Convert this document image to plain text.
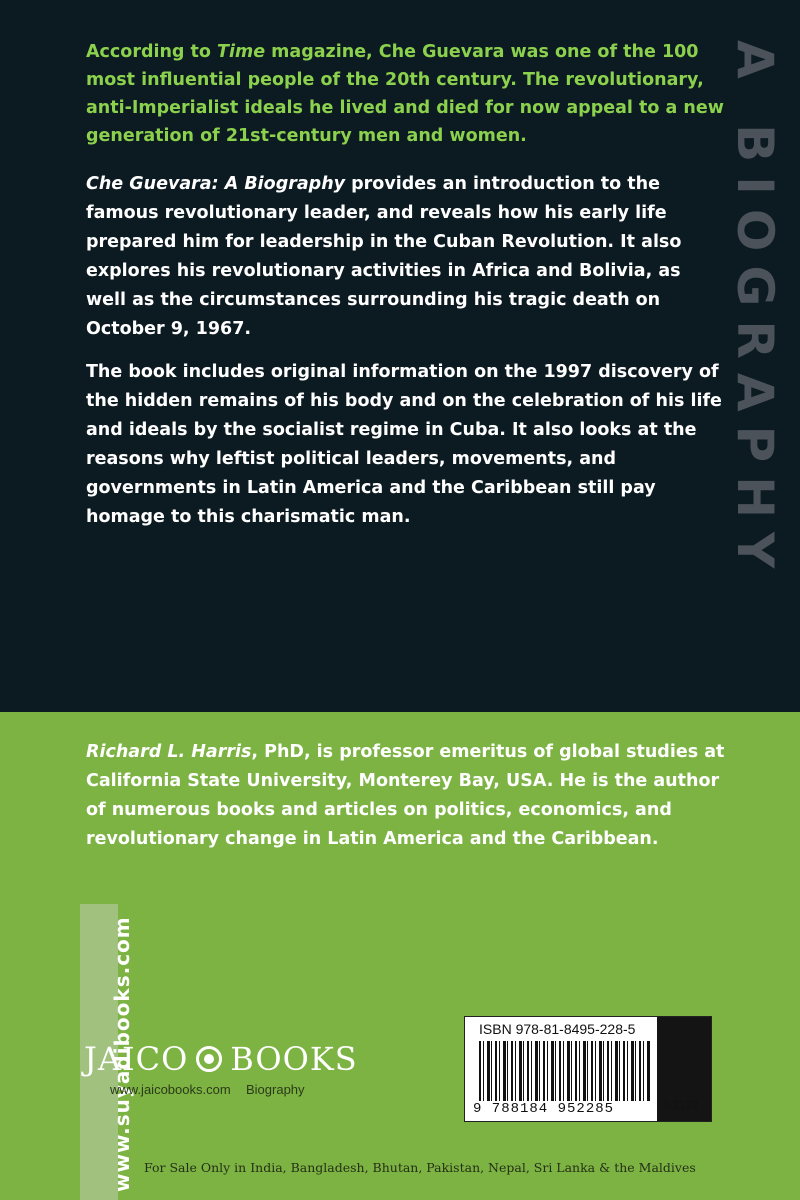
A BIOGRAPHY

According to Time magazine, Che Guevara was one of the 100 most influential people of the 20th century. The revolutionary, anti-Imperialist ideals he lived and died for now appeal to a new generation of 21st-century men and women.

Che Guevara: A Biography provides an introduction to the famous revolutionary leader, and reveals how his early life prepared him for leadership in the Cuban Revolution. It also explores his revolutionary activities in Africa and Bolivia, as well as the circumstances surrounding his tragic death on October 9, 1967.

The book includes original information on the 1997 discovery of the hidden remains of his body and on the celebration of his life and ideals by the socialist regime in Cuba. It also looks at the reasons why leftist political leaders, movements, and governments in Latin America and the Caribbean still pay homage to this charismatic man.

Richard L. Harris, PhD, is professor emeritus of global studies at California State University, Monterey Bay, USA. He is the author of numerous books and articles on politics, economics, and revolutionary change in Latin America and the Caribbean.

www.suyadibooks.com
JAICO BOOKS
www.jaicobooks.com Biography
ISBN 978-81-8495-228-5
9 788184 952285	J-2122
For Sale Only in India, Bangladesh, Bhutan, Pakistan, Nepal, Sri Lanka & the Maldives
